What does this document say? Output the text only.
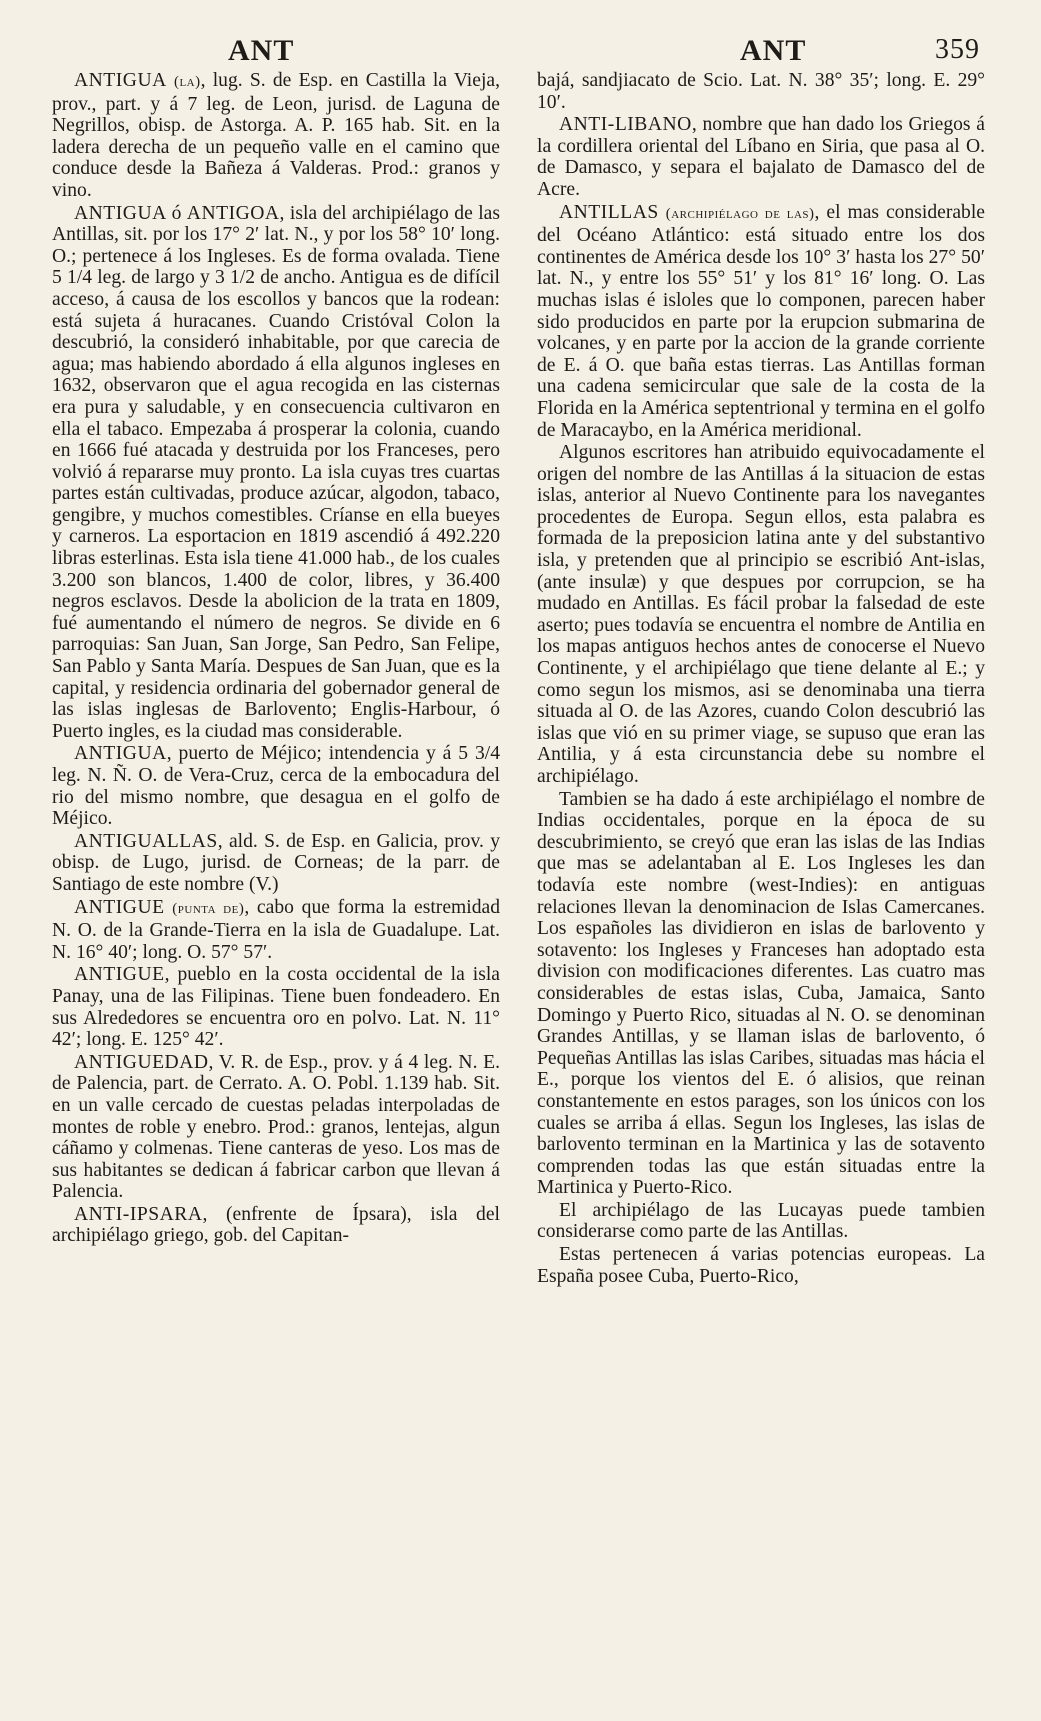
ANT	ANT	359

ANTIGUA (la), lug. S. de Esp. en Castilla la Vieja, prov., part. y á 7 leg. de Leon, jurisd. de Laguna de Negrillos, obisp. de Astorga. A. P. 165 hab. Sit. en la ladera derecha de un pequeño valle en el camino que conduce desde la Bañeza á Valderas. Prod.: granos y vino.

ANTIGUA ó ANTIGOA, isla del archipiélago de las Antillas, sit. por los 17° 2′ lat. N., y por los 58° 10′ long. O.; pertenece á los Ingleses. Es de forma ovalada. Tiene 5 1/4 leg. de largo y 3 1/2 de ancho. Antigua es de difícil acceso, á causa de los escollos y bancos que la rodean: está sujeta á huracanes. Cuando Cristóval Colon la descubrió, la consideró inhabitable, por que carecia de agua; mas habiendo abordado á ella algunos ingleses en 1632, observaron que el agua recogida en las cisternas era pura y saludable, y en consecuencia cultivaron en ella el tabaco. Empezaba á prosperar la colonia, cuando en 1666 fué atacada y destruida por los Franceses, pero volvió á repararse muy pronto. La isla cuyas tres cuartas partes están cultivadas, produce azúcar, algodon, tabaco, gengibre, y muchos comestibles. Críanse en ella bueyes y carneros. La esportacion en 1819 ascendió á 492.220 libras esterlinas. Esta isla tiene 41.000 hab., de los cuales 3.200 son blancos, 1.400 de color, libres, y 36.400 negros esclavos. Desde la abolicion de la trata en 1809, fué aumentando el número de negros. Se divide en 6 parroquias: San Juan, San Jorge, San Pedro, San Felipe, San Pablo y Santa María. Despues de San Juan, que es la capital, y residencia ordinaria del gobernador general de las islas inglesas de Barlovento; Englis-Harbour, ó Puerto ingles, es la ciudad mas considerable.

ANTIGUA, puerto de Méjico; intendencia y á 5 3/4 leg. N. Ñ. O. de Vera-Cruz, cerca de la embocadura del rio del mismo nombre, que desagua en el golfo de Méjico.

ANTIGUALLAS, ald. S. de Esp. en Galicia, prov. y obisp. de Lugo, jurisd. de Corneas; de la parr. de Santiago de este nombre (V.)

ANTIGUE (punta de), cabo que forma la estremidad N. O. de la Grande-Tierra en la isla de Guadalupe. Lat. N. 16° 40′; long. O. 57° 57′.

ANTIGUE, pueblo en la costa occidental de la isla Panay, una de las Filipinas. Tiene buen fondeadero. En sus Alrededores se encuentra oro en polvo. Lat. N. 11° 42′; long. E. 125° 42′.

ANTIGUEDAD, V. R. de Esp., prov. y á 4 leg. N. E. de Palencia, part. de Cerrato. A. O. Pobl. 1.139 hab. Sit. en un valle cercado de cuestas peladas interpoladas de montes de roble y enebro. Prod.: granos, lentejas, algun cáñamo y colmenas. Tiene canteras de yeso. Los mas de sus habitantes se dedican á fabricar carbon que llevan á Palencia.

ANTI-IPSARA, (enfrente de Ípsara), isla del archipiélago griego, gob. del Capitan-

bajá, sandjiacato de Scio. Lat. N. 38° 35′; long. E. 29° 10′.

ANTI-LIBANO, nombre que han dado los Griegos á la cordillera oriental del Líbano en Siria, que pasa al O. de Damasco, y separa el bajalato de Damasco del de Acre.

ANTILLAS (archipiélago de las), el mas considerable del Océano Atlántico: está situado entre los dos continentes de América desde los 10° 3′ hasta los 27° 50′ lat. N., y entre los 55° 51′ y los 81° 16′ long. O. Las muchas islas é isloles que lo componen, parecen haber sido producidos en parte por la erupcion submarina de volcanes, y en parte por la accion de la grande corriente de E. á O. que baña estas tierras. Las Antillas forman una cadena semicircular que sale de la costa de la Florida en la América septentrional y termina en el golfo de Maracaybo, en la América meridional.

Algunos escritores han atribuido equivocadamente el origen del nombre de las Antillas á la situacion de estas islas, anterior al Nuevo Continente para los navegantes procedentes de Europa. Segun ellos, esta palabra es formada de la preposicion latina ante y del substantivo isla, y pretenden que al principio se escribió Ant-islas, (ante insulæ) y que despues por corrupcion, se ha mudado en Antillas. Es fácil probar la falsedad de este aserto; pues todavía se encuentra el nombre de Antilia en los mapas antiguos hechos antes de conocerse el Nuevo Continente, y el archipiélago que tiene delante al E.; y como segun los mismos, asi se denominaba una tierra situada al O. de las Azores, cuando Colon descubrió las islas que vió en su primer viage, se supuso que eran las Antilia, y á esta circunstancia debe su nombre el archipiélago.

Tambien se ha dado á este archipiélago el nombre de Indias occidentales, porque en la época de su descubrimiento, se creyó que eran las islas de las Indias que mas se adelantaban al E. Los Ingleses les dan todavía este nombre (west-Indies): en antiguas relaciones llevan la denominacion de Islas Camercanes. Los españoles las dividieron en islas de barlovento y sotavento: los Ingleses y Franceses han adoptado esta division con modificaciones diferentes. Las cuatro mas considerables de estas islas, Cuba, Jamaica, Santo Domingo y Puerto Rico, situadas al N. O. se denominan Grandes Antillas, y se llaman islas de barlovento, ó Pequeñas Antillas las islas Caribes, situadas mas hácia el E., porque los vientos del E. ó alisios, que reinan constantemente en estos parages, son los únicos con los cuales se arriba á ellas. Segun los Ingleses, las islas de barlovento terminan en la Martinica y las de sotavento comprenden todas las que están situadas entre la Martinica y Puerto-Rico.

El archipiélago de las Lucayas puede tambien considerarse como parte de las Antillas.

Estas pertenecen á varias potencias europeas. La España posee Cuba, Puerto-Rico,
